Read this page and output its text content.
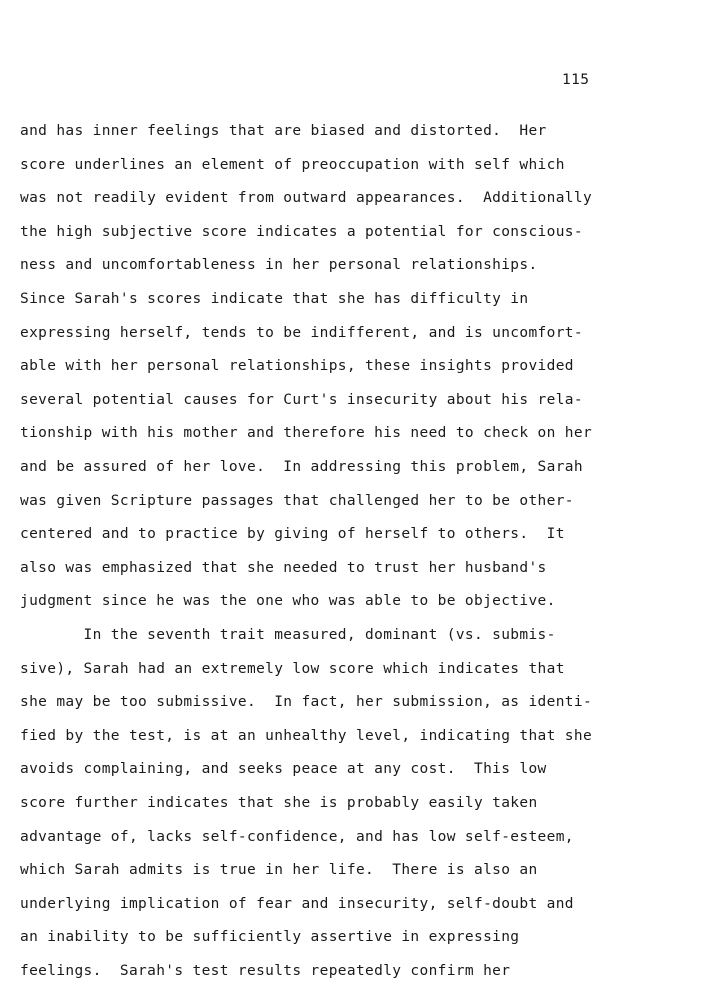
115
and has inner feelings that are biased and distorted.  Her
score underlines an element of preoccupation with self which
was not readily evident from outward appearances.  Additionally
the high subjective score indicates a potential for conscious-
ness and uncomfortableness in her personal relationships.
Since Sarah's scores indicate that she has difficulty in
expressing herself, tends to be indifferent, and is uncomfort-
able with her personal relationships, these insights provided
several potential causes for Curt's insecurity about his rela-
tionship with his mother and therefore his need to check on her
and be assured of her love.  In addressing this problem, Sarah
was given Scripture passages that challenged her to be other-
centered and to practice by giving of herself to others.  It
also was emphasized that she needed to trust her husband's
judgment since he was the one who was able to be objective.
In the seventh trait measured, dominant (vs. submis-
sive), Sarah had an extremely low score which indicates that
she may be too submissive.  In fact, her submission, as identi-
fied by the test, is at an unhealthy level, indicating that she
avoids complaining, and seeks peace at any cost.  This low
score further indicates that she is probably easily taken
advantage of, lacks self-confidence, and has low self-esteem,
which Sarah admits is true in her life.  There is also an
underlying implication of fear and insecurity, self-doubt and
an inability to be sufficiently assertive in expressing
feelings.  Sarah's test results repeatedly confirm her
